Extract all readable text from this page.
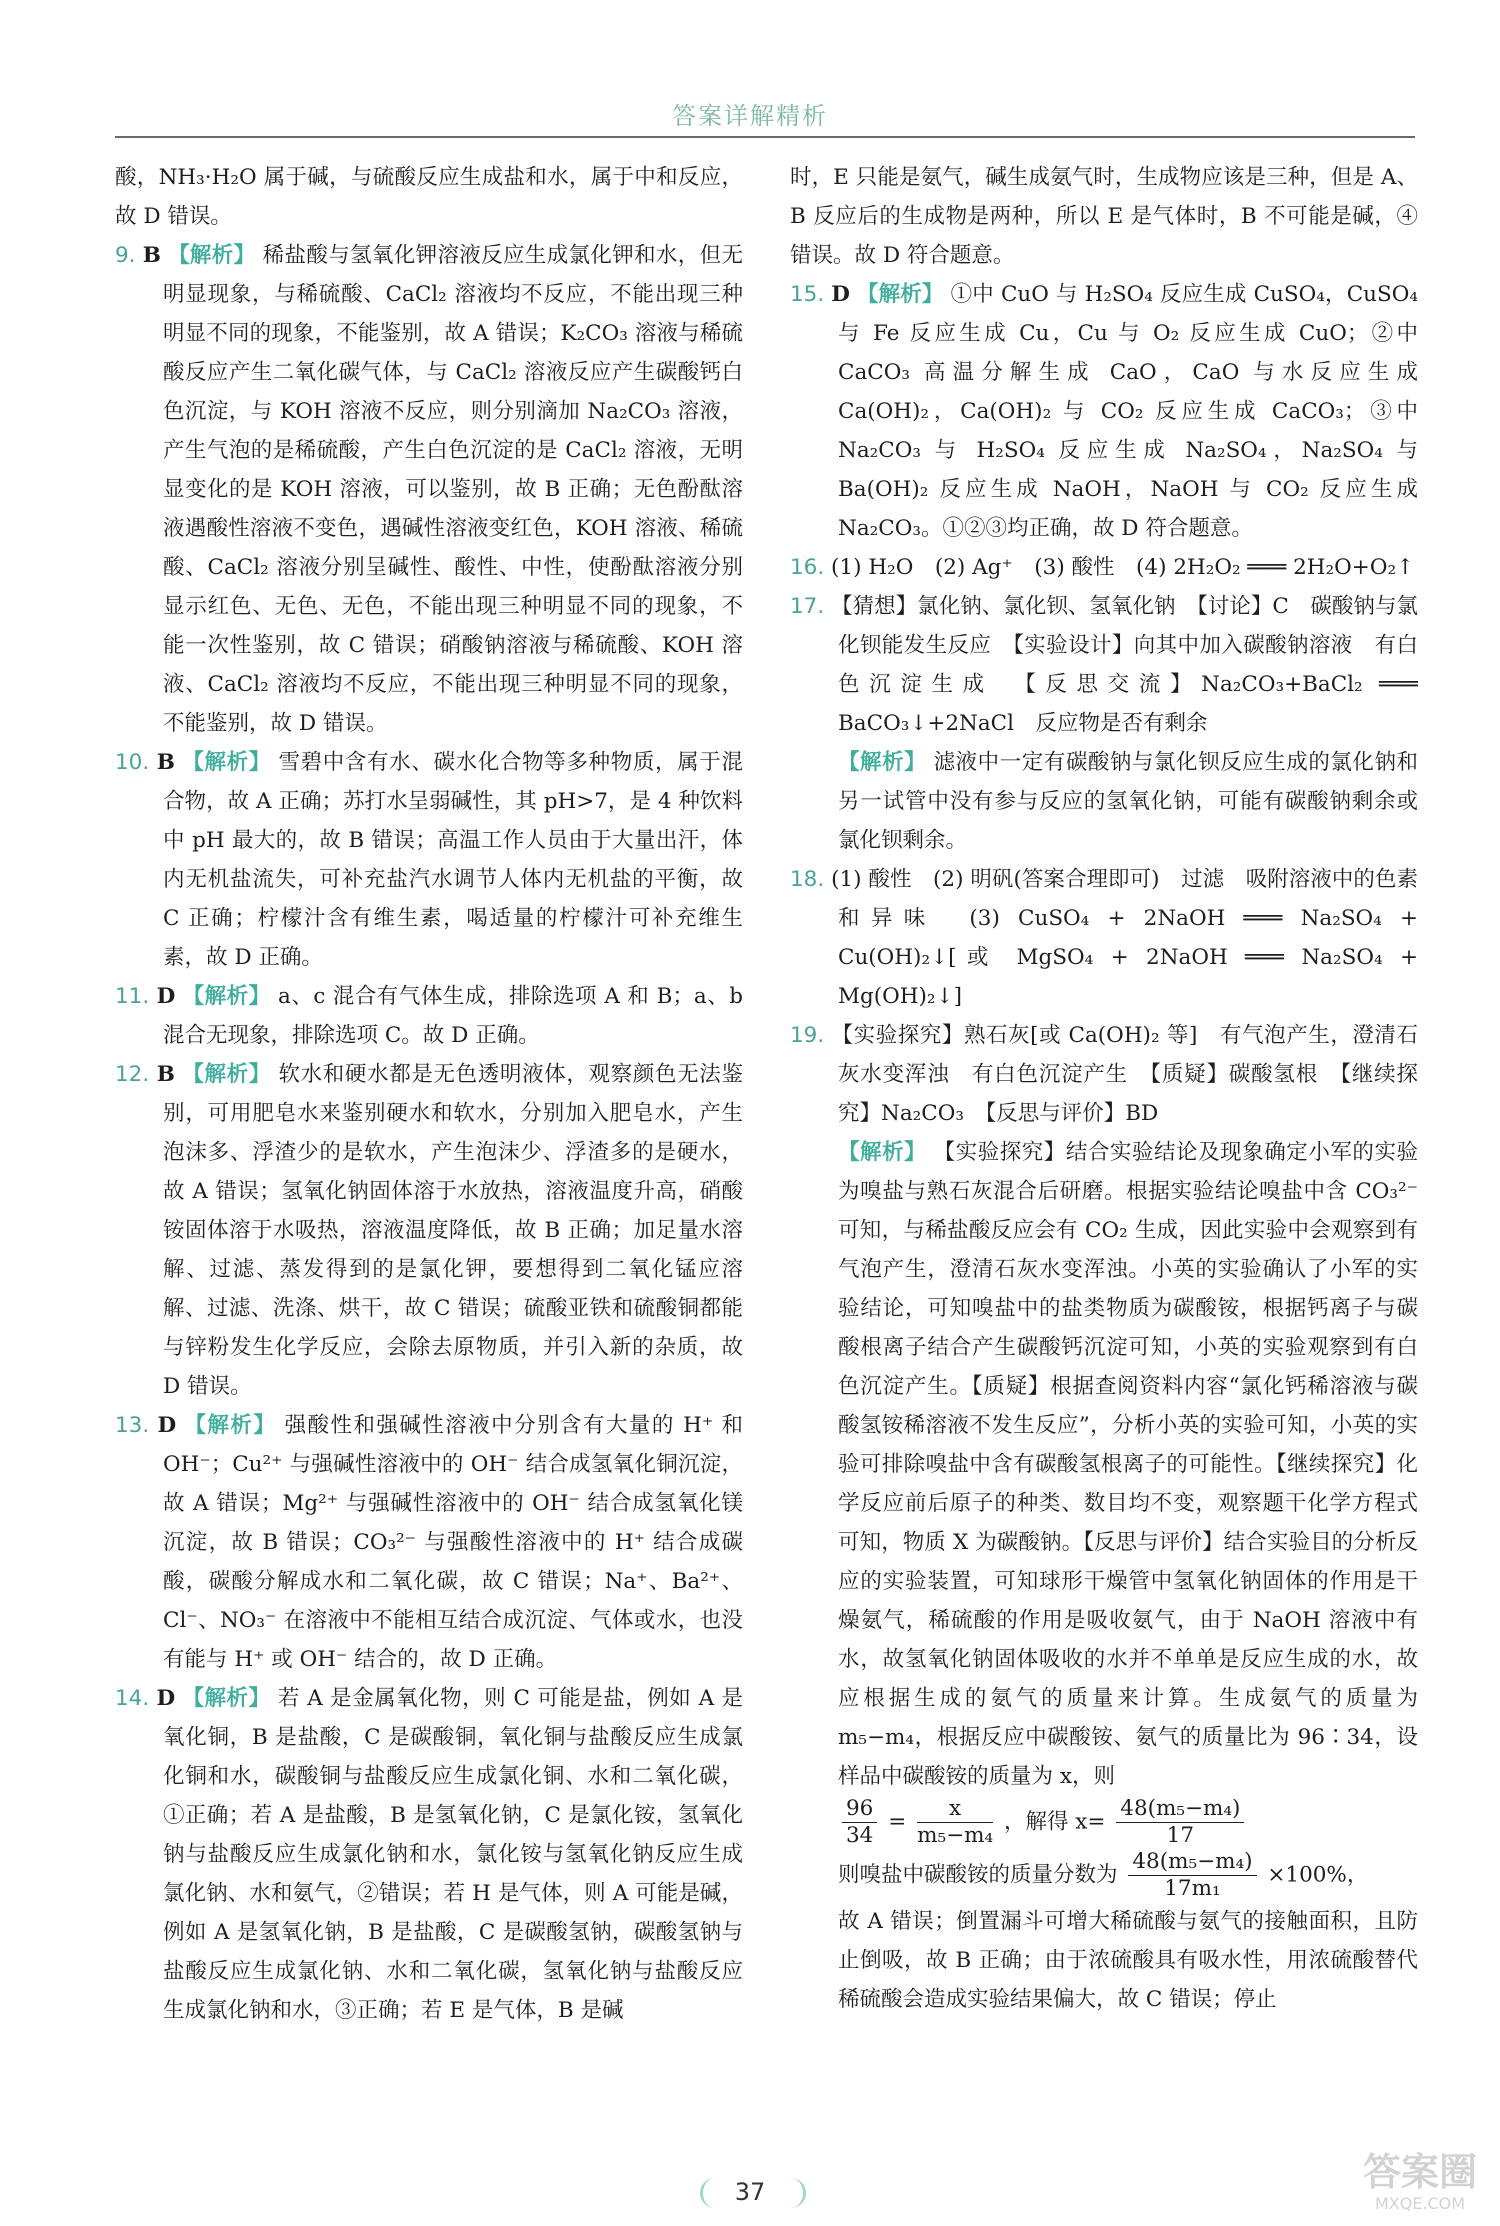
答案详解精析

酸，NH₃·H₂O 属于碱，与硫酸反应生成盐和水，属于中和反应，故 D 错误。

9. B 【解析】 稀盐酸与氢氧化钾溶液反应生成氯化钾和水，但无明显现象，与稀硫酸、CaCl₂ 溶液均不反应，不能出现三种明显不同的现象，不能鉴别，故 A 错误；K₂CO₃ 溶液与稀硫酸反应产生二氧化碳气体，与 CaCl₂ 溶液反应产生碳酸钙白色沉淀，与 KOH 溶液不反应，则分别滴加 Na₂CO₃ 溶液，产生气泡的是稀硫酸，产生白色沉淀的是 CaCl₂ 溶液，无明显变化的是 KOH 溶液，可以鉴别，故 B 正确；无色酚酞溶液遇酸性溶液不变色，遇碱性溶液变红色，KOH 溶液、稀硫酸、CaCl₂ 溶液分别呈碱性、酸性、中性，使酚酞溶液分别显示红色、无色、无色，不能出现三种明显不同的现象，不能一次性鉴别，故 C 错误；硝酸钠溶液与稀硫酸、KOH 溶液、CaCl₂ 溶液均不反应，不能出现三种明显不同的现象，不能鉴别，故 D 错误。

10. B 【解析】 雪碧中含有水、碳水化合物等多种物质，属于混合物，故 A 正确；苏打水呈弱碱性，其 pH>7，是 4 种饮料中 pH 最大的，故 B 错误；高温工作人员由于大量出汗，体内无机盐流失，可补充盐汽水调节人体内无机盐的平衡，故 C 正确；柠檬汁含有维生素，喝适量的柠檬汁可补充维生素，故 D 正确。

11. D 【解析】 a、c 混合有气体生成，排除选项 A 和 B；a、b 混合无现象，排除选项 C。故 D 正确。

12. B 【解析】 软水和硬水都是无色透明液体，观察颜色无法鉴别，可用肥皂水来鉴别硬水和软水，分别加入肥皂水，产生泡沫多、浮渣少的是软水，产生泡沫少、浮渣多的是硬水，故 A 错误；氢氧化钠固体溶于水放热，溶液温度升高，硝酸铵固体溶于水吸热，溶液温度降低，故 B 正确；加足量水溶解、过滤、蒸发得到的是氯化钾，要想得到二氧化锰应溶解、过滤、洗涤、烘干，故 C 错误；硫酸亚铁和硫酸铜都能与锌粉发生化学反应，会除去原物质，并引入新的杂质，故 D 错误。

13. D 【解析】 强酸性和强碱性溶液中分别含有大量的 H⁺ 和 OH⁻；Cu²⁺ 与强碱性溶液中的 OH⁻ 结合成氢氧化铜沉淀，故 A 错误；Mg²⁺ 与强碱性溶液中的 OH⁻ 结合成氢氧化镁沉淀，故 B 错误；CO₃²⁻ 与强酸性溶液中的 H⁺ 结合成碳酸，碳酸分解成水和二氧化碳，故 C 错误；Na⁺、Ba²⁺、Cl⁻、NO₃⁻ 在溶液中不能相互结合成沉淀、气体或水，也没有能与 H⁺ 或 OH⁻ 结合的，故 D 正确。

14. D 【解析】 若 A 是金属氧化物，则 C 可能是盐，例如 A 是氧化铜，B 是盐酸，C 是碳酸铜，氧化铜与盐酸反应生成氯化铜和水，碳酸铜与盐酸反应生成氯化铜、水和二氧化碳，①正确；若 A 是盐酸，B 是氢氧化钠，C 是氯化铵，氢氧化钠与盐酸反应生成氯化钠和水，氯化铵与氢氧化钠反应生成氯化钠、水和氨气，②错误；若 H 是气体，则 A 可能是碱，例如 A 是氢氧化钠，B 是盐酸，C 是碳酸氢钠，碳酸氢钠与盐酸反应生成氯化钠、水和二氧化碳，氢氧化钠与盐酸反应生成氯化钠和水，③正确；若 E 是气体，B 是碱

时，E 只能是氨气，碱生成氨气时，生成物应该是三种，但是 A、B 反应后的生成物是两种，所以 E 是气体时，B 不可能是碱，④错误。故 D 符合题意。

15. D 【解析】 ①中 CuO 与 H₂SO₄ 反应生成 CuSO₄，CuSO₄ 与 Fe 反应生成 Cu，Cu 与 O₂ 反应生成 CuO；②中 CaCO₃ 高温分解生成 CaO，CaO 与水反应生成 Ca(OH)₂，Ca(OH)₂ 与 CO₂ 反应生成 CaCO₃；③中 Na₂CO₃ 与 H₂SO₄ 反应生成 Na₂SO₄，Na₂SO₄ 与 Ba(OH)₂ 反应生成 NaOH，NaOH 与 CO₂ 反应生成 Na₂CO₃。①②③均正确，故 D 符合题意。

16. (1) H₂O　(2) Ag⁺　(3) 酸性　(4) 2H₂O₂ ═══ 2H₂O+O₂↑

17. 【猜想】氯化钠、氯化钡、氢氧化钠　【讨论】C　碳酸钠与氯化钡能发生反应　【实验设计】向其中加入碳酸钠溶液　有白色沉淀生成　【反思交流】Na₂CO₃+BaCl₂ ═══ BaCO₃↓+2NaCl　反应物是否有剩余

【解析】 滤液中一定有碳酸钠与氯化钡反应生成的氯化钠和另一试管中没有参与反应的氢氧化钠，可能有碳酸钠剩余或氯化钡剩余。

18. (1) 酸性　(2) 明矾(答案合理即可)　过滤　吸附溶液中的色素和异味　(3) CuSO₄ + 2NaOH ═══ Na₂SO₄ + Cu(OH)₂↓[或 MgSO₄ + 2NaOH ═══ Na₂SO₄ + Mg(OH)₂↓]

19. 【实验探究】熟石灰[或 Ca(OH)₂ 等]　有气泡产生，澄清石灰水变浑浊　有白色沉淀产生　【质疑】碳酸氢根　【继续探究】Na₂CO₃　【反思与评价】BD

【解析】 【实验探究】结合实验结论及现象确定小军的实验为嗅盐与熟石灰混合后研磨。根据实验结论嗅盐中含 CO₃²⁻ 可知，与稀盐酸反应会有 CO₂ 生成，因此实验中会观察到有气泡产生，澄清石灰水变浑浊。小英的实验确认了小军的实验结论，可知嗅盐中的盐类物质为碳酸铵，根据钙离子与碳酸根离子结合产生碳酸钙沉淀可知，小英的实验观察到有白色沉淀产生。【质疑】根据查阅资料内容“氯化钙稀溶液与碳酸氢铵稀溶液不发生反应”，分析小英的实验可知，小英的实验可排除嗅盐中含有碳酸氢根离子的可能性。【继续探究】化学反应前后原子的种类、数目均不变，观察题干化学方程式可知，物质 X 为碳酸钠。【反思与评价】结合实验目的分析反应的实验装置，可知球形干燥管中氢氧化钠固体的作用是干燥氨气，稀硫酸的作用是吸收氨气，由于 NaOH 溶液中有水，故氢氧化钠固体吸收的水并不单单是反应生成的水，故应根据生成的氨气的质量来计算。生成氨气的质量为 m₅−m₄，根据反应中碳酸铵、氨气的质量比为 96∶34，设样品中碳酸铵的质量为 x，则

$\frac{96}{34} = \frac{x}{\text{m₅−m₄}}$ ，解得 $x= \frac{\text{48(m₅−m₄)}}{17}$

则嗅盐中碳酸铵的质量分数为 $\frac{\text{48(m₅−m₄)}}{\text{17m₁}} \times 100\%$，

故 A 错误；倒置漏斗可增大稀硫酸与氨气的接触面积，且防止倒吸，故 B 正确；由于浓硫酸具有吸水性，用浓硫酸替代稀硫酸会造成实验结果偏大，故 C 错误；停止

37	答案圈
MXQE.COM
